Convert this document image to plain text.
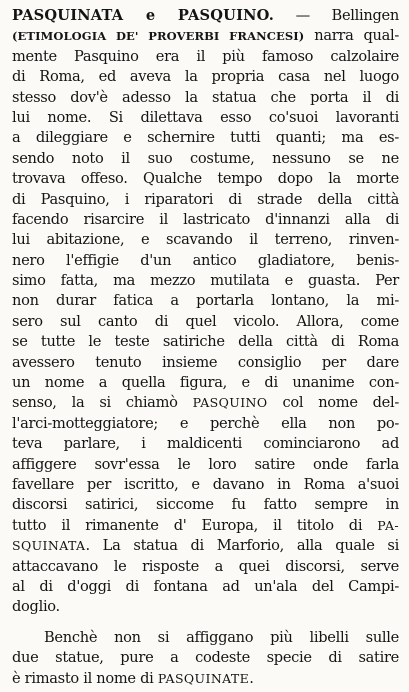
PASQUINATA e PASQUINO. — Bellingen
(ETIMOLOGIA DE' PROVERBI FRANCESI) narra qual-
mente Pasquino era il più famoso calzolaire
di Roma, ed aveva la propria casa nel luogo
stesso dov'è adesso la statua che porta il di
lui nome. Si dilettava esso co'suoi lavoranti
a dileggiare e schernire tutti quanti; ma es-
sendo noto il suo costume, nessuno se ne
trovava offeso. Qualche tempo dopo la morte
di Pasquino, i riparatori di strade della città
facendo risarcire il lastricato d'innanzi alla di
lui abitazione, e scavando il terreno, rinven-
nero l'effigie d'un antico gladiatore, benis-
simo fatta, ma mezzo mutilata e guasta. Per
non durar fatica a portarla lontano, la mi-
sero sul canto di quel vicolo. Allora, come
se tutte le teste satiriche della città di Roma
avessero tenuto insieme consiglio per dare
un nome a quella figura, e di unanime con-
senso, la si chiamò PASQUINO col nome del-
l'arci-motteggiatore; e perchè ella non po-
teva parlare, i maldicenti cominciarono ad
affiggere sovr'essa le loro satire onde farla
favellare per iscritto, e davano in Roma a'suoi
discorsi satirici, siccome fu fatto sempre in
tutto il rimanente d' Europa, il titolo di PA-
SQUINATA. La statua di Marforio, alla quale si
attaccavano le risposte a quei discorsi, serve
al di d'oggi di fontana ad un'ala del Campi-
doglio.
Benchè non si affiggano più libelli sulle
due statue, pure a codeste specie di satire
è rimasto il nome di PASQUINATE.
